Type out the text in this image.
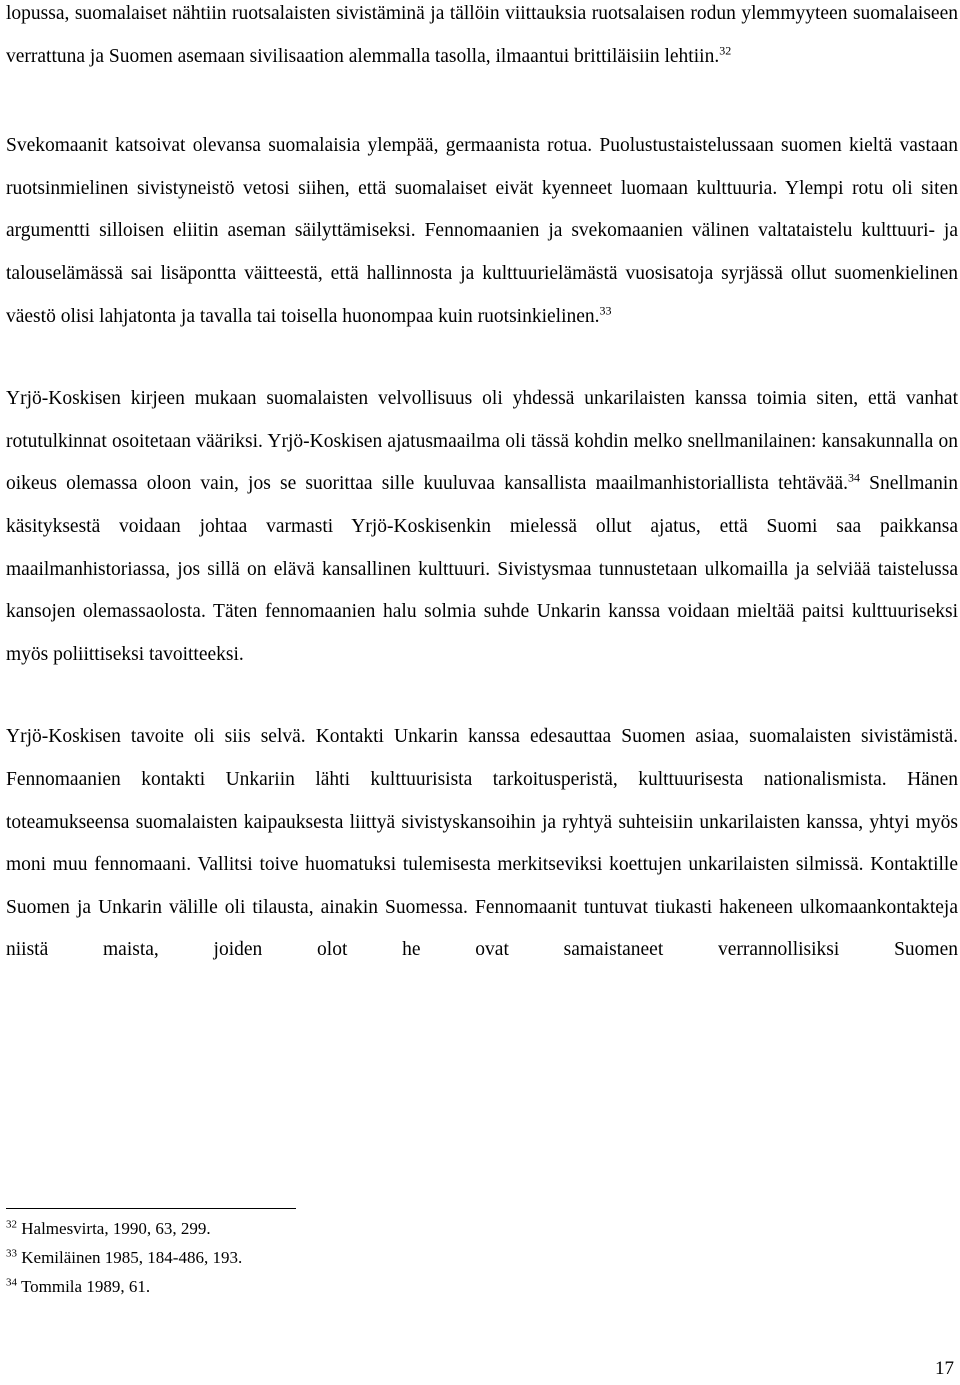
lopussa, suomalaiset nähtiin ruotsalaisten sivistäminä ja tällöin viittauksia ruotsalaisen rodun ylemmyyteen suomalaiseen verrattuna ja Suomen asemaan sivilisaation alemmalla tasolla, ilmaantui brittiläisiin lehtiin.$^{32}$

Svekomaanit katsoivat olevansa suomalaisia ylempää, germaanista rotua. Puolustustaistelussaan suomen kieltä vastaan ruotsinmielinen sivistyneistö vetosi siihen, että suomalaiset eivät kyenneet luomaan kulttuuria. Ylempi rotu oli siten argumentti silloisen eliitin aseman säilyttämiseksi. Fennomaanien ja svekomaanien välinen valtataistelu kulttuuri- ja talouselämässä sai lisäpontta väitteestä, että hallinnosta ja kulttuurielämästä vuosisatoja syrjässä ollut suomenkielinen väestö olisi lahjatonta ja tavalla tai toisella huonompaa kuin ruotsinkielinen.$^{33}$

Yrjö-Koskisen kirjeen mukaan suomalaisten velvollisuus oli yhdessä unkarilaisten kanssa toimia siten, että vanhat rotutulkinnat osoitetaan vääriksi. Yrjö-Koskisen ajatusmaailma oli tässä kohdin melko snellmanilainen: kansakunnalla on oikeus olemassa oloon vain, jos se suorittaa sille kuuluvaa kansallista maailmanhistoriallista tehtävää.$^{34}$ Snellmanin käsityksestä voidaan johtaa varmasti Yrjö-Koskisenkin mielessä ollut ajatus, että Suomi saa paikkansa maailmanhistoriassa, jos sillä on elävä kansallinen kulttuuri. Sivistysmaa tunnustetaan ulkomailla ja selviää taistelussa kansojen olemassaolosta. Täten fennomaanien halu solmia suhde Unkarin kanssa voidaan mieltää paitsi kulttuuriseksi myös poliittiseksi tavoitteeksi.

Yrjö-Koskisen tavoite oli siis selvä. Kontakti Unkarin kanssa edesauttaa Suomen asiaa, suomalaisten sivistämistä. Fennomaanien kontakti Unkariin lähti kulttuurisista tarkoitusperistä, kulttuurisesta nationalismista. Hänen toteamukseensa suomalaisten kaipauksesta liittyä sivistyskansoihin ja ryhtyä suhteisiin unkarilaisten kanssa, yhtyi myös moni muu fennomaani. Vallitsi toive huomatuksi tulemisesta merkitseviksi koettujen unkarilaisten silmissä. Kontaktille Suomen ja Unkarin välille oli tilausta, ainakin Suomessa. Fennomaanit tuntuvat tiukasti hakeneen ulkomaankontakteja niistä maista, joiden olot he ovat samaistaneet verrannollisiksi Suomen

$^{32}$ Halmesvirta, 1990, 63, 299.
$^{33}$ Kemiläinen 1985, 184-486, 193.
$^{34}$ Tommila 1989, 61.
17
